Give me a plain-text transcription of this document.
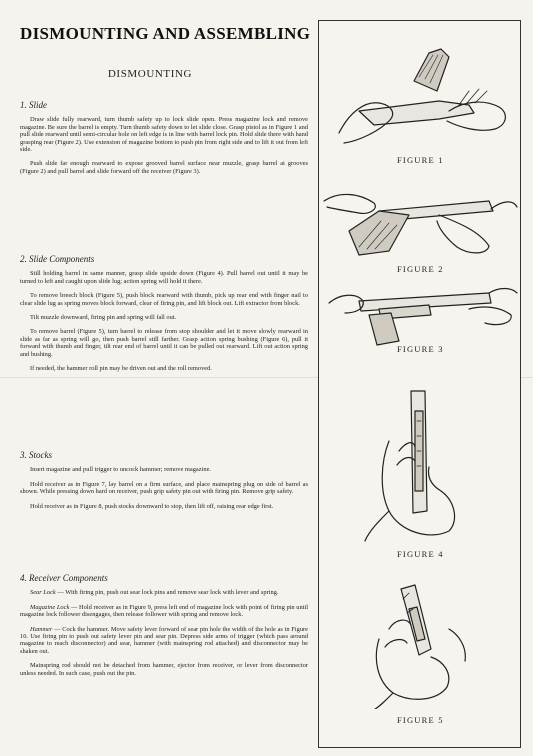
DISMOUNTING AND ASSEMBLING
DISMOUNTING

1. Slide

Draw slide fully rearward, turn thumb safety up to lock slide open. Press magazine lock and remove magazine. Be sure the barrel is empty. Turn thumb safety down to let slide close. Grasp pistol as in Figure 1 and pull slide rearward until semi-circular hole on left edge is in line with barrel lock pin. Hold slide there with hand grasping rear (Figure 2). Use extension of magazine bottom to push pin from right side and to lift it out from left side.

Push slide far enough rearward to expose grooved barrel surface near muzzle, grasp barrel at grooves (Figure 2) and pull barrel and slide forward off the receiver (Figure 3).

2. Slide Components

Still holding barrel in same manner, grasp slide upside down (Figure 4). Pull barrel out until it may be turned to left and caught upon slide lug; action spring will hold it there.

To remove breech block (Figure 5), push block rearward with thumb, pick up rear end with finger nail to clear slide lug as spring moves block forward, clear of firing pin, and lift block out. Lift extractor from block.

Tilt muzzle downward, firing pin and spring will fall out.

To remove barrel (Figure 5), turn barrel to release from stop shoulder and let it move slowly rearward in slide as far as spring will go, then push barrel still farther. Grasp action spring bushing (Figure 6), pull it forward with thumb and finger, tilt rear end of barrel until it can be pulled out rearward. Lift out action spring and bushing.

If needed, the hammer roll pin may be driven out and the roll removed.

3. Stocks

Insert magazine and pull trigger to uncock hammer; remove magazine.

Hold receiver as in Figure 7, lay barrel on a firm surface, and place mainspring plug on side of barrel as shown. While pressing down hard on receiver, push grip safety pin out with firing pin. Remove grip safety.

Hold receiver as in Figure 8, push stocks downward to stop, then lift off, raising rear edge first.

4. Receiver Components

Sear Lock — With firing pin, push out sear lock pins and remove sear lock with lever and spring.

Magazine Lock — Hold receiver as in Figure 9, press left end of magazine lock with point of firing pin until magazine lock follower disengages, then release follower with spring and remove lock.

Hammer — Cock the hammer. Move safety lever forward of sear pin hole the width of the hole as in Figure 10. Use firing pin to push out safety lever pin and sear pin. Depress side arms of trigger (which pass around magazine to reach disconnector) and sear, hammer (with mainspring rod attached) and disconnector may be shaken out.

Mainspring rod should not be detached from hammer, ejector from receiver, or lever from disconnector unless needed. In such case, push out the pin.

FIGURE 1
FIGURE 2
FIGURE 3
FIGURE 4
FIGURE 5
